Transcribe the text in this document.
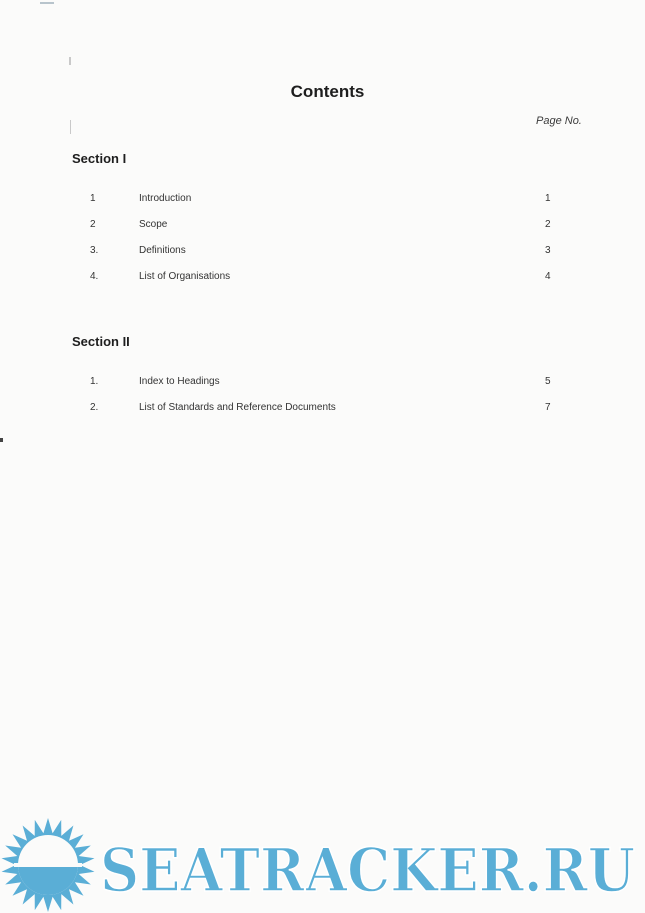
Contents
Page No.
Section I
1	Introduction	1
2	Scope	2
3.	Definitions	3
4.	List of Organisations	4
Section II
1.	Index to Headings	5
2.	List of Standards and Reference Documents	7
SEATRACKER.RU
